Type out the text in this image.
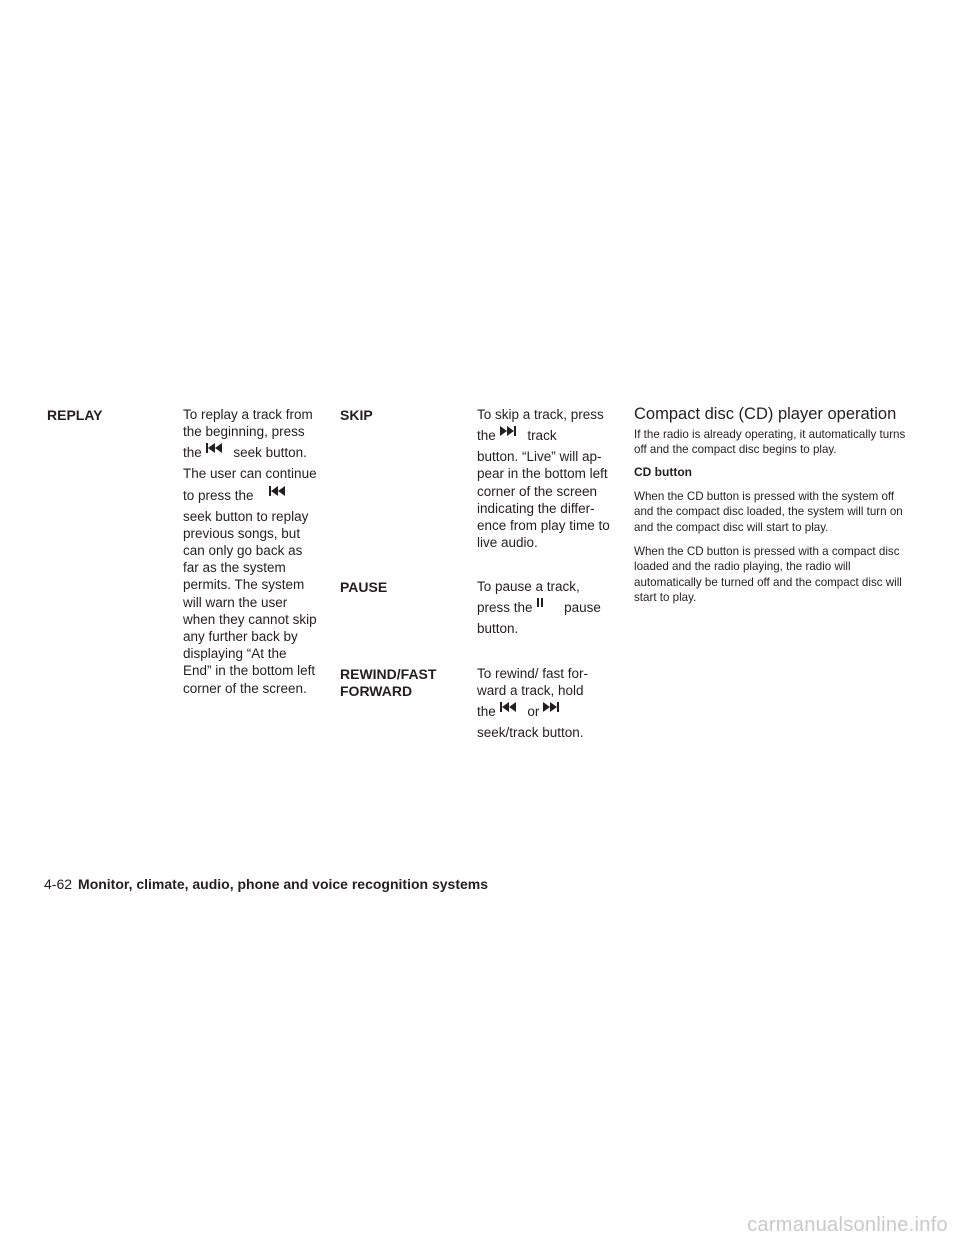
REPLAY	To replay a track from
the beginning, press
the seek button.
The user can continue
to press the
seek button to replay
previous songs, but
can only go back as
far as the system
permits. The system
will warn the user
when they cannot skip
any further back by
displaying “At the
End” in the bottom left
corner of the screen.
SKIP	To skip a track, press
the track
button. “Live” will ap-
pear in the bottom left
corner of the screen
indicating the differ-
ence from play time to
live audio.
PAUSE	To pause a track,
press the pause
button.
REWIND/FAST
FORWARD
To rewind/ fast for-
ward a track, hold
the or
seek/track button.
Compact disc (CD) player operation
If the radio is already operating, it automatically turns off and the compact disc begins to play.
CD button
When the CD button is pressed with the system off and the compact disc loaded, the system will turn on and the compact disc will start to play.
When the CD button is pressed with a compact disc loaded and the radio playing, the radio will automatically be turned off and the compact disc will start to play.
4-62 Monitor, climate, audio, phone and voice recognition systems
carmanualsonline.info
